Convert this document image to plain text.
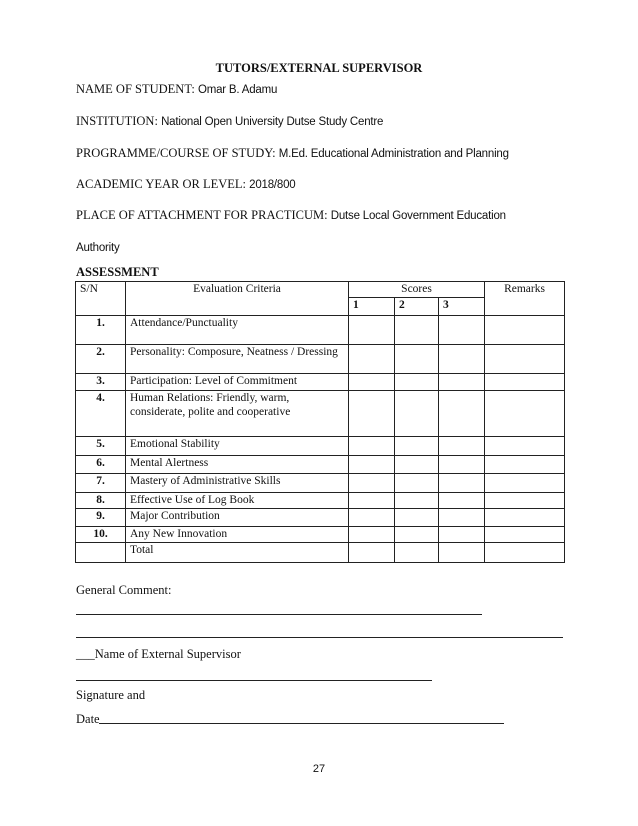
TUTORS/EXTERNAL SUPERVISOR
NAME OF STUDENT: Omar B. Adamu
INSTITUTION: National Open University Dutse Study Centre
PROGRAMME/COURSE OF STUDY: M.Ed. Educational Administration and Planning
ACADEMIC YEAR OR LEVEL: 2018/800
PLACE OF ATTACHMENT FOR PRACTICUM: Dutse Local Government Education
Authority
ASSESSMENT
S/N	Evaluation Criteria	Scores			Remarks
		1	2	3	
1.	Attendance/Punctuality				
2.	Personality: Composure, Neatness / Dressing				
3.	Participation: Level of Commitment				
4.	Human Relations: Friendly, warm, considerate, polite and cooperative				
5.	Emotional Stability				
6.	Mental Alertness				
7.	Mastery of Administrative Skills				
8.	Effective Use of Log Book				
9.	Major Contribution				
10.	Any New Innovation				
	Total				
General Comment:
___Name of External Supervisor
Signature and
Date
27
